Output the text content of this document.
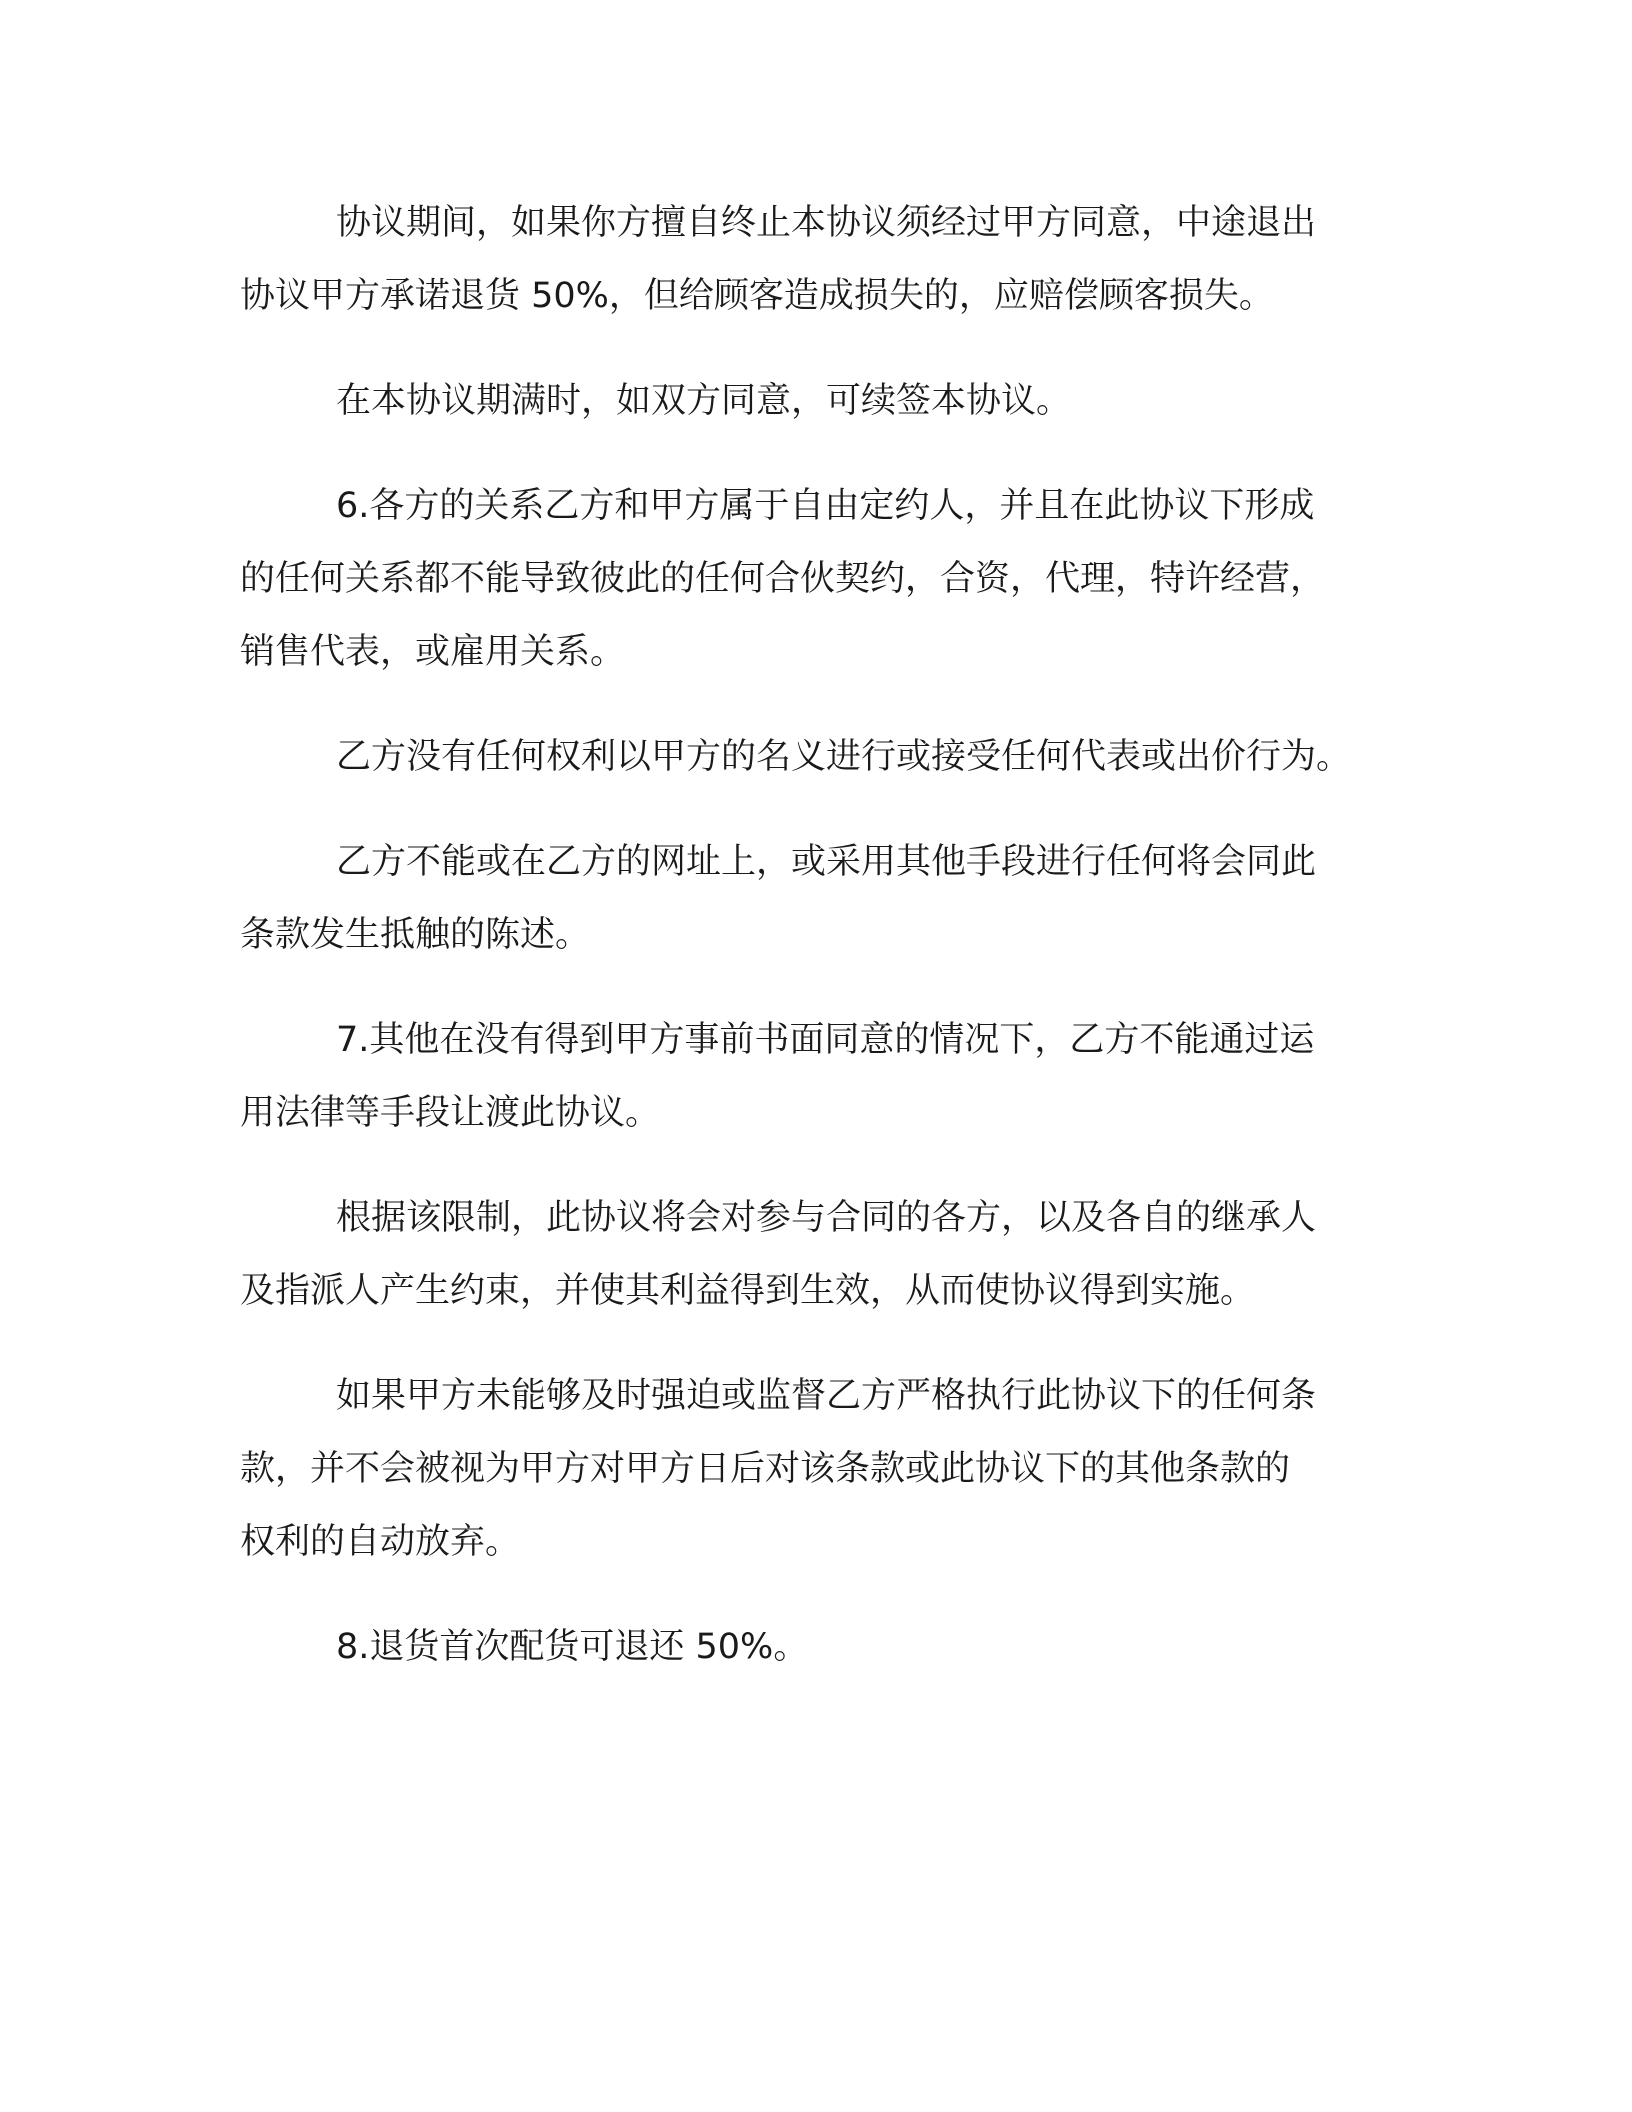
协议期间，如果你方擅自终止本协议须经过甲方同意，中途退出
协议甲方承诺退货 50%，但给顾客造成损失的，应赔偿顾客损失。

在本协议期满时，如双方同意，可续签本协议。

6.各方的关系乙方和甲方属于自由定约人，并且在此协议下形成
的任何关系都不能导致彼此的任何合伙契约，合资，代理，特许经营，
销售代表，或雇用关系。

乙方没有任何权利以甲方的名义进行或接受任何代表或出价行为。

乙方不能或在乙方的网址上，或采用其他手段进行任何将会同此
条款发生抵触的陈述。

7.其他在没有得到甲方事前书面同意的情况下，乙方不能通过运
用法律等手段让渡此协议。

根据该限制，此协议将会对参与合同的各方，以及各自的继承人
及指派人产生约束，并使其利益得到生效，从而使协议得到实施。

如果甲方未能够及时强迫或监督乙方严格执行此协议下的任何条
款，并不会被视为甲方对甲方日后对该条款或此协议下的其他条款的
权利的自动放弃。

8.退货首次配货可退还 50%。
